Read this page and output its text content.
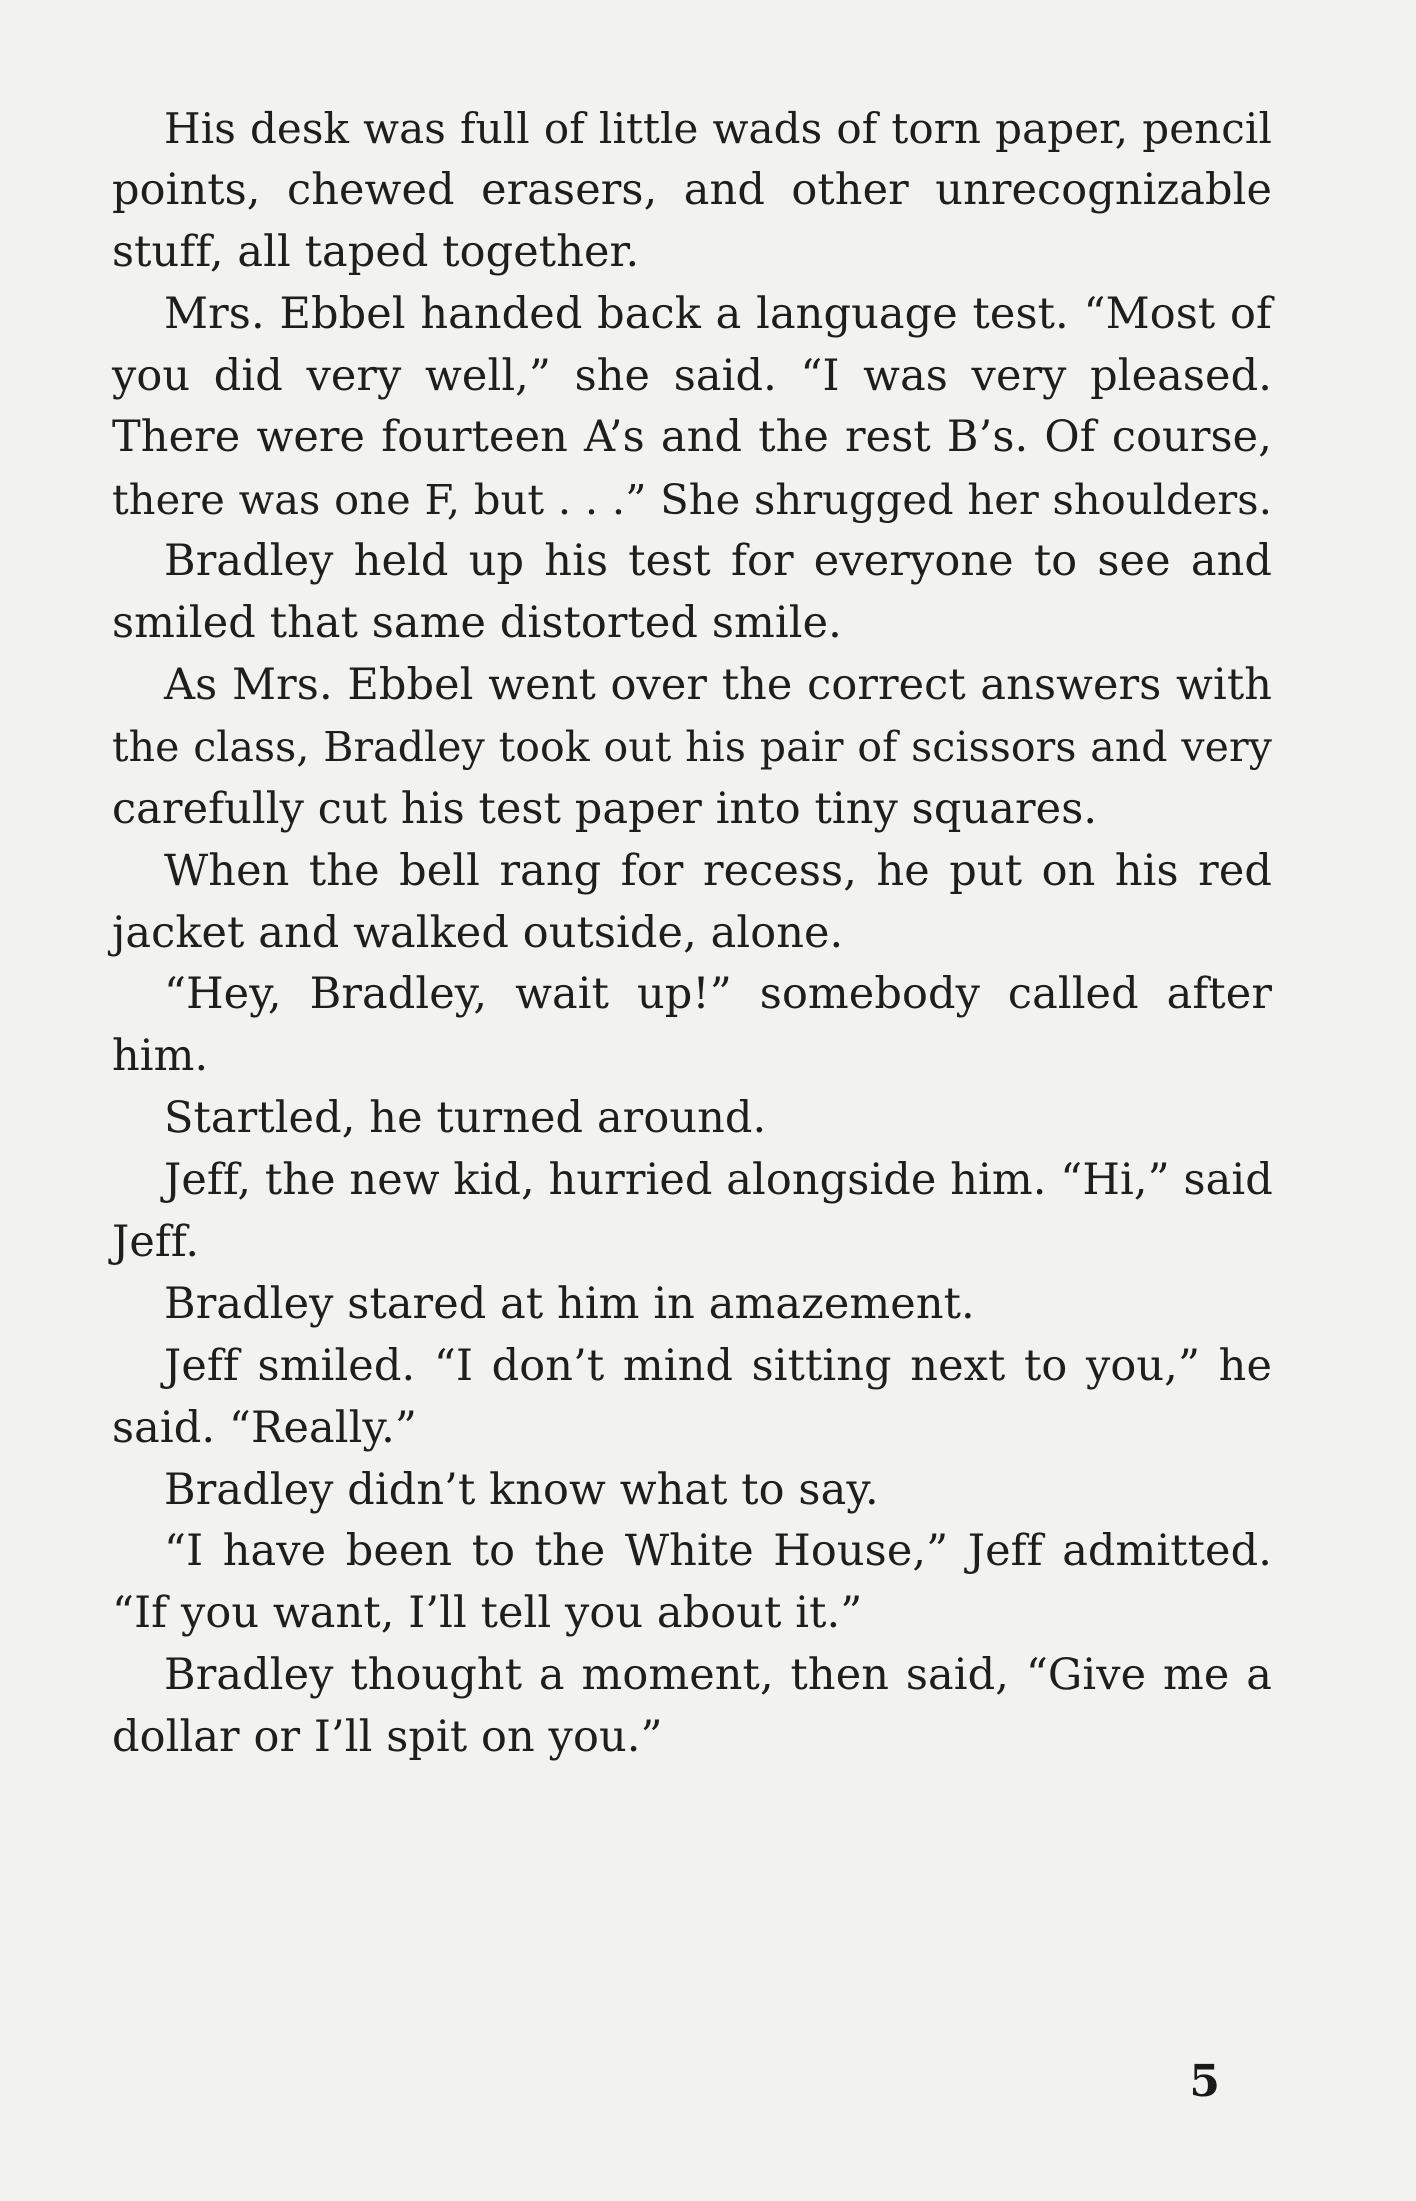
His desk was full of little wads of torn paper, pencil
points, chewed erasers, and other unrecognizable
stuff, all taped together.
Mrs. Ebbel handed back a language test. “Most of
you did very well,” she said. “I was very pleased.
There were fourteen A’s and the rest B’s. Of course,
there was one F, but . . .” She shrugged her shoulders.
Bradley held up his test for everyone to see and
smiled that same distorted smile.
As Mrs. Ebbel went over the correct answers with
the class, Bradley took out his pair of scissors and very
carefully cut his test paper into tiny squares.
When the bell rang for recess, he put on his red
jacket and walked outside, alone.
“Hey, Bradley, wait up!” somebody called after
him.
Startled, he turned around.
Jeff, the new kid, hurried alongside him. “Hi,” said
Jeff.
Bradley stared at him in amazement.
Jeff smiled. “I don’t mind sitting next to you,” he
said. “Really.”
Bradley didn’t know what to say.
“I have been to the White House,” Jeff admitted.
“If you want, I’ll tell you about it.”
Bradley thought a moment, then said, “Give me a
dollar or I’ll spit on you.”
5
